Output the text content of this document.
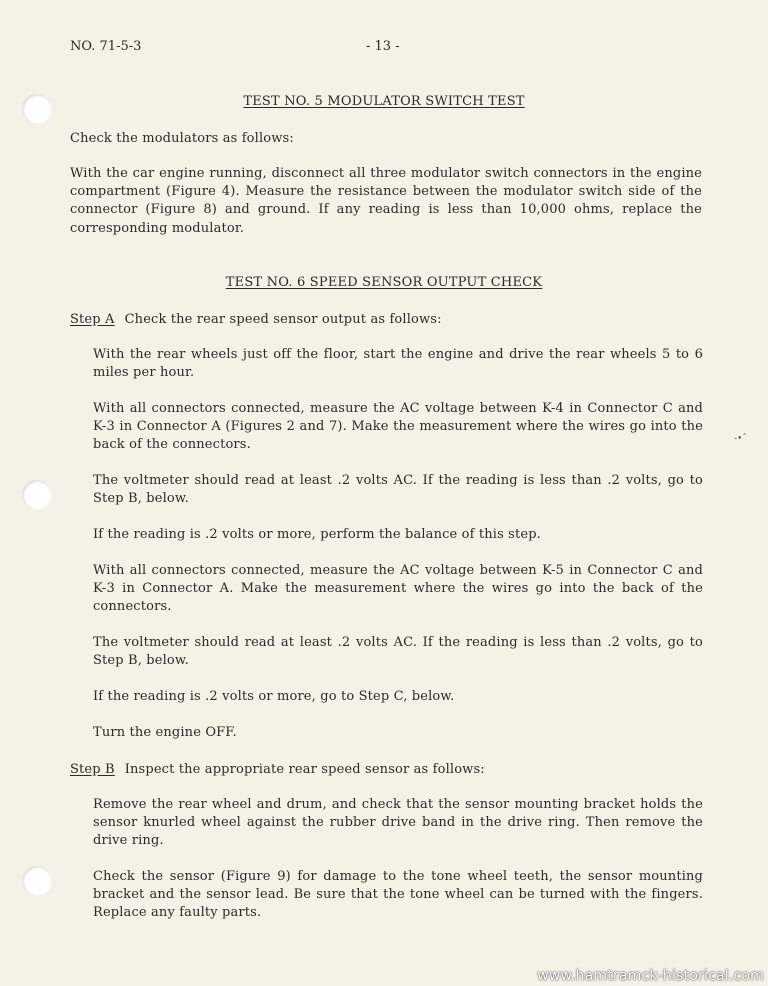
NO. 71-5-3	- 13 -
TEST NO. 5 MODULATOR SWITCH TEST
Check the modulators as follows:
With the car engine running, disconnect all three modulator switch connectors in the engine compartment (Figure 4). Measure the resistance between the modulator switch side of the connector (Figure 8) and ground. If any reading is less than 10,000 ohms, replace the corresponding modulator.
TEST NO. 6 SPEED SENSOR OUTPUT CHECK
Step A Check the rear speed sensor output as follows:
With the rear wheels just off the floor, start the engine and drive the rear wheels 5 to 6 miles per hour.
With all connectors connected, measure the AC voltage between K-4 in Connector C and K-3 in Connector A (Figures 2 and 7). Make the measurement where the wires go into the back of the connectors.
The voltmeter should read at least .2 volts AC. If the reading is less than .2 volts, go to Step B, below.
If the reading is .2 volts or more, perform the balance of this step.
With all connectors connected, measure the AC voltage between K-5 in Connector C and K-3 in Connector A. Make the measurement where the wires go into the back of the connectors.
The voltmeter should read at least .2 volts AC. If the reading is less than .2 volts, go to Step B, below.
If the reading is .2 volts or more, go to Step C, below.
Turn the engine OFF.
Step B Inspect the appropriate rear speed sensor as follows:
Remove the rear wheel and drum, and check that the sensor mounting bracket holds the sensor knurled wheel against the rubber drive band in the drive ring. Then remove the drive ring.
Check the sensor (Figure 9) for damage to the tone wheel teeth, the sensor mounting bracket and the sensor lead. Be sure that the tone wheel can be turned with the fingers. Replace any faulty parts.
-•ˆ
www.hamtramck-historical.com
